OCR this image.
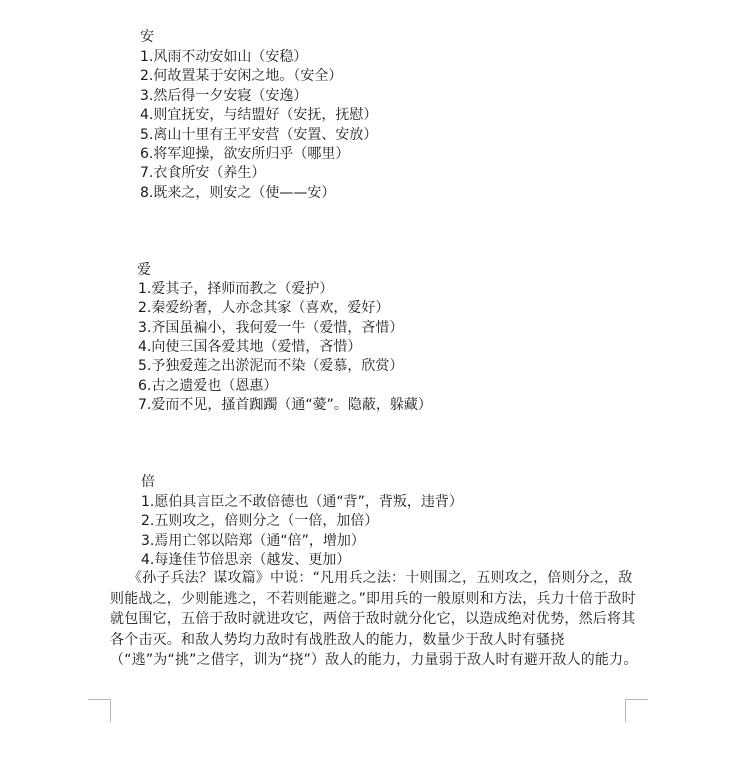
安
1.风雨不动安如山（安稳）
2.何故置某于安闲之地。（安全）
3.然后得一夕安寝（安逸）
4.则宜抚安，与结盟好（安抚，抚慰）
5.离山十里有王平安营（安置、安放）
6.将军迎操，欲安所归乎（哪里）
7.衣食所安（养生）
8.既来之，则安之（使——安）
爱
1.爱其子，择师而教之（爱护）
2.秦爱纷奢，人亦念其家（喜欢，爱好）
3.齐国虽褊小，我何爱一牛（爱惜，吝惜）
4.向使三国各爱其地（爱惜，吝惜）
5.予独爱莲之出淤泥而不染（爱慕，欣赏）
6.古之遗爱也（恩惠）
7.爱而不见，搔首踟躅（通“薆”。隐蔽，躲藏）
倍
1.愿伯具言臣之不敢倍德也（通“背”，背叛，违背）
2.五则攻之，倍则分之（一倍，加倍）
3.焉用亡邻以陪郑（通“倍”，增加）
4.每逢佳节倍思亲（越发、更加）
《孙子兵法？谋攻篇》中说：“凡用兵之法：十则围之，五则攻之，倍则分之，敌则能战之，少则能逃之，不若则能避之。”即用兵的一般原则和方法，兵力十倍于敌时就包围它，五倍于敌时就进攻它，两倍于敌时就分化它，以造成绝对优势，然后将其各个击灭。和敌人势均力敌时有战胜敌人的能力，数量少于敌人时有骚挠（“逃”为“挑”之借字，训为“挠”）敌人的能力，力量弱于敌人时有避开敌人的能力。
